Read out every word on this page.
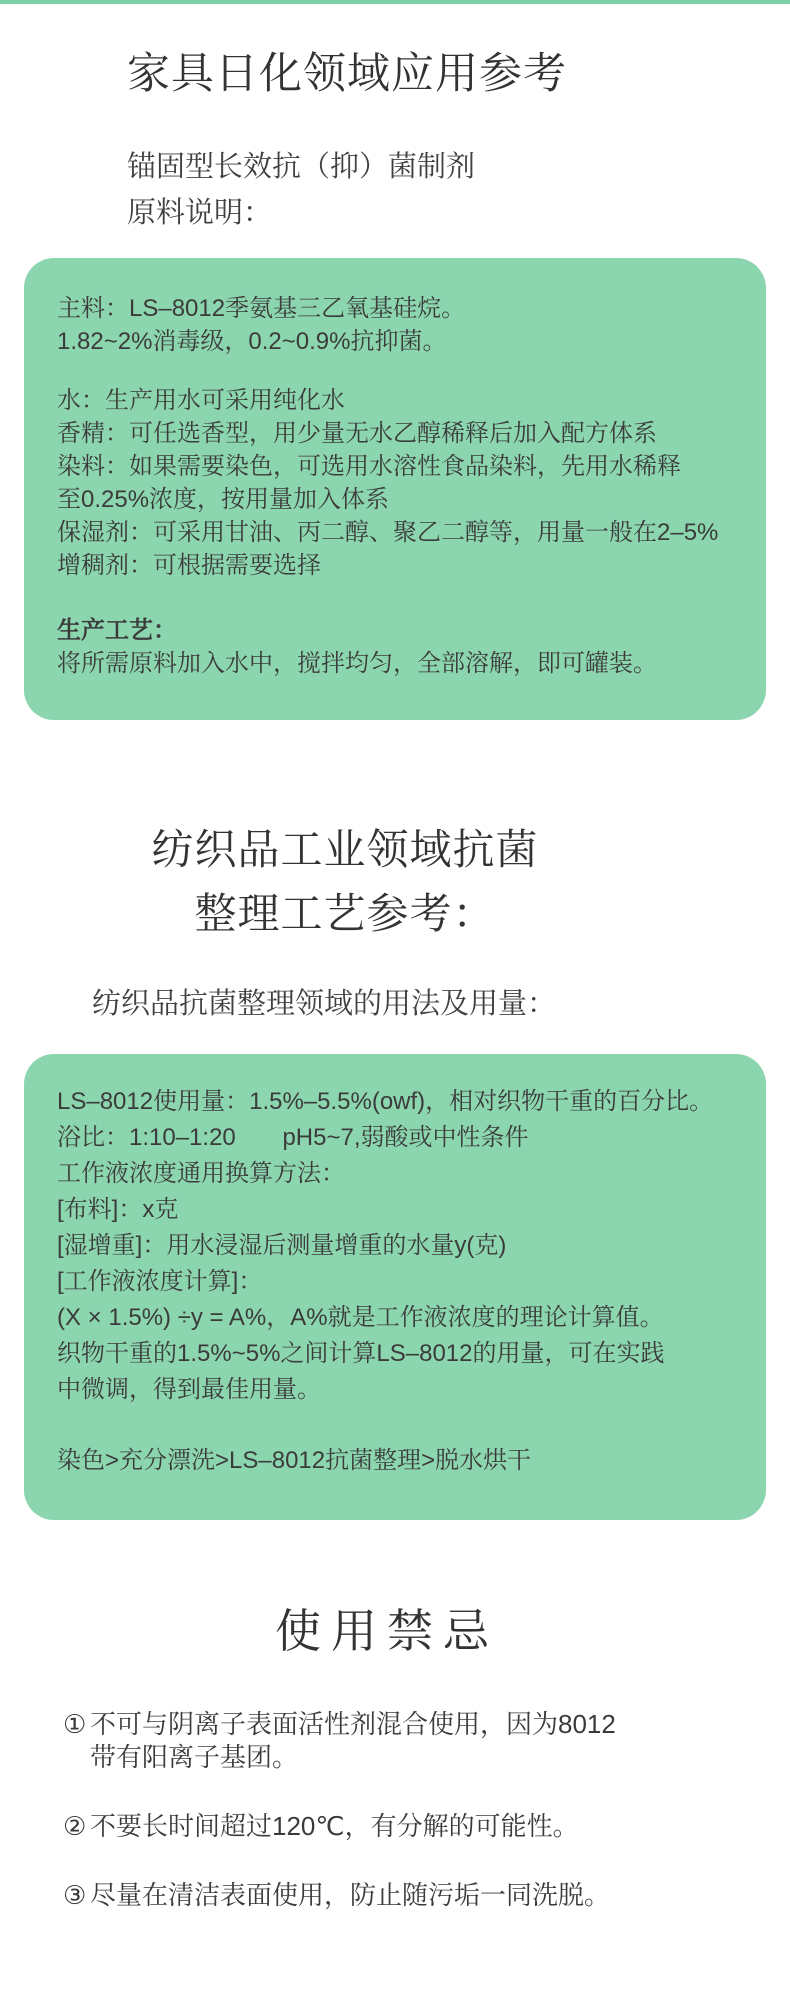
家具日化领域应用参考
锚固型长效抗（抑）菌制剂
原料说明：
主料：LS–8012季氨基三乙氧基硅烷。
1.82~2%消毒级，0.2~0.9%抗抑菌。
水：生产用水可采用纯化水
香精：可任选香型，用少量无水乙醇稀释后加入配方体系
染料：如果需要染色，可选用水溶性食品染料，先用水稀释
至0.25%浓度，按用量加入体系
保湿剂：可采用甘油、丙二醇、聚乙二醇等，用量一般在2–5%
增稠剂：可根据需要选择
生产工艺：
将所需原料加入水中，搅拌均匀，全部溶解，即可罐装。
纺织品工业领域抗菌
整理工艺参考：
纺织品抗菌整理领域的用法及用量：
LS–8012使用量：1.5%–5.5%(owf)，相对织物干重的百分比。
浴比：1:10–1:20       pH5~7,弱酸或中性条件
工作液浓度通用换算方法：
[布料]：x克
[湿增重]：用水浸湿后测量增重的水量y(克)
[工作液浓度计算]：
(X × 1.5%) ÷y = A%，A%就是工作液浓度的理论计算值。
织物干重的1.5%~5%之间计算LS–8012的用量，可在实践
中微调，得到最佳用量。
染色>充分漂洗>LS–8012抗菌整理>脱水烘干
使用禁忌
① 不可与阴离子表面活性剂混合使用，因为8012
带有阳离子基团。
② 不要长时间超过120℃，有分解的可能性。
③ 尽量在清洁表面使用，防止随污垢一同洗脱。
